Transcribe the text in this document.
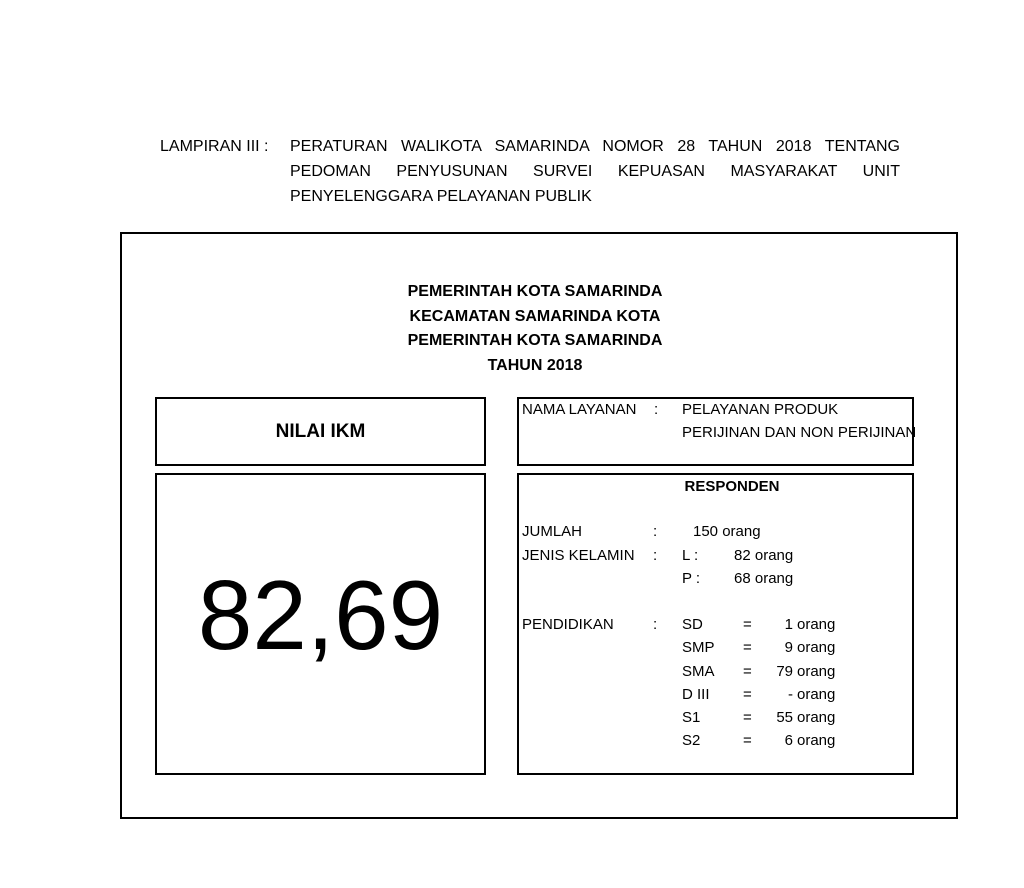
LAMPIRAN III : PERATURAN WALIKOTA SAMARINDA NOMOR 28 TAHUN 2018 TENTANG
PEDOMAN PENYUSUNAN SURVEI KEPUASAN MASYARAKAT UNIT
PENYELENGGARA PELAYANAN PUBLIK
PEMERINTAH KOTA SAMARINDA
KECAMATAN SAMARINDA KOTA
PEMERINTAH KOTA SAMARINDA
TAHUN 2018
NILAI IKM
82,69
NAMA LAYANAN : PELAYANAN PRODUK
PERIJINAN DAN NON PERIJINAN
RESPONDEN
JUMLAH	: 150 orang
JENIS KELAMIN : L : 82 orang
P : 68 orang
PENDIDIKAN	: SD	=	1 orang
SMP =	9 orang
SMA =	79 orang
D III =	- orang
S1	=	55 orang
S2	=	6 orang
